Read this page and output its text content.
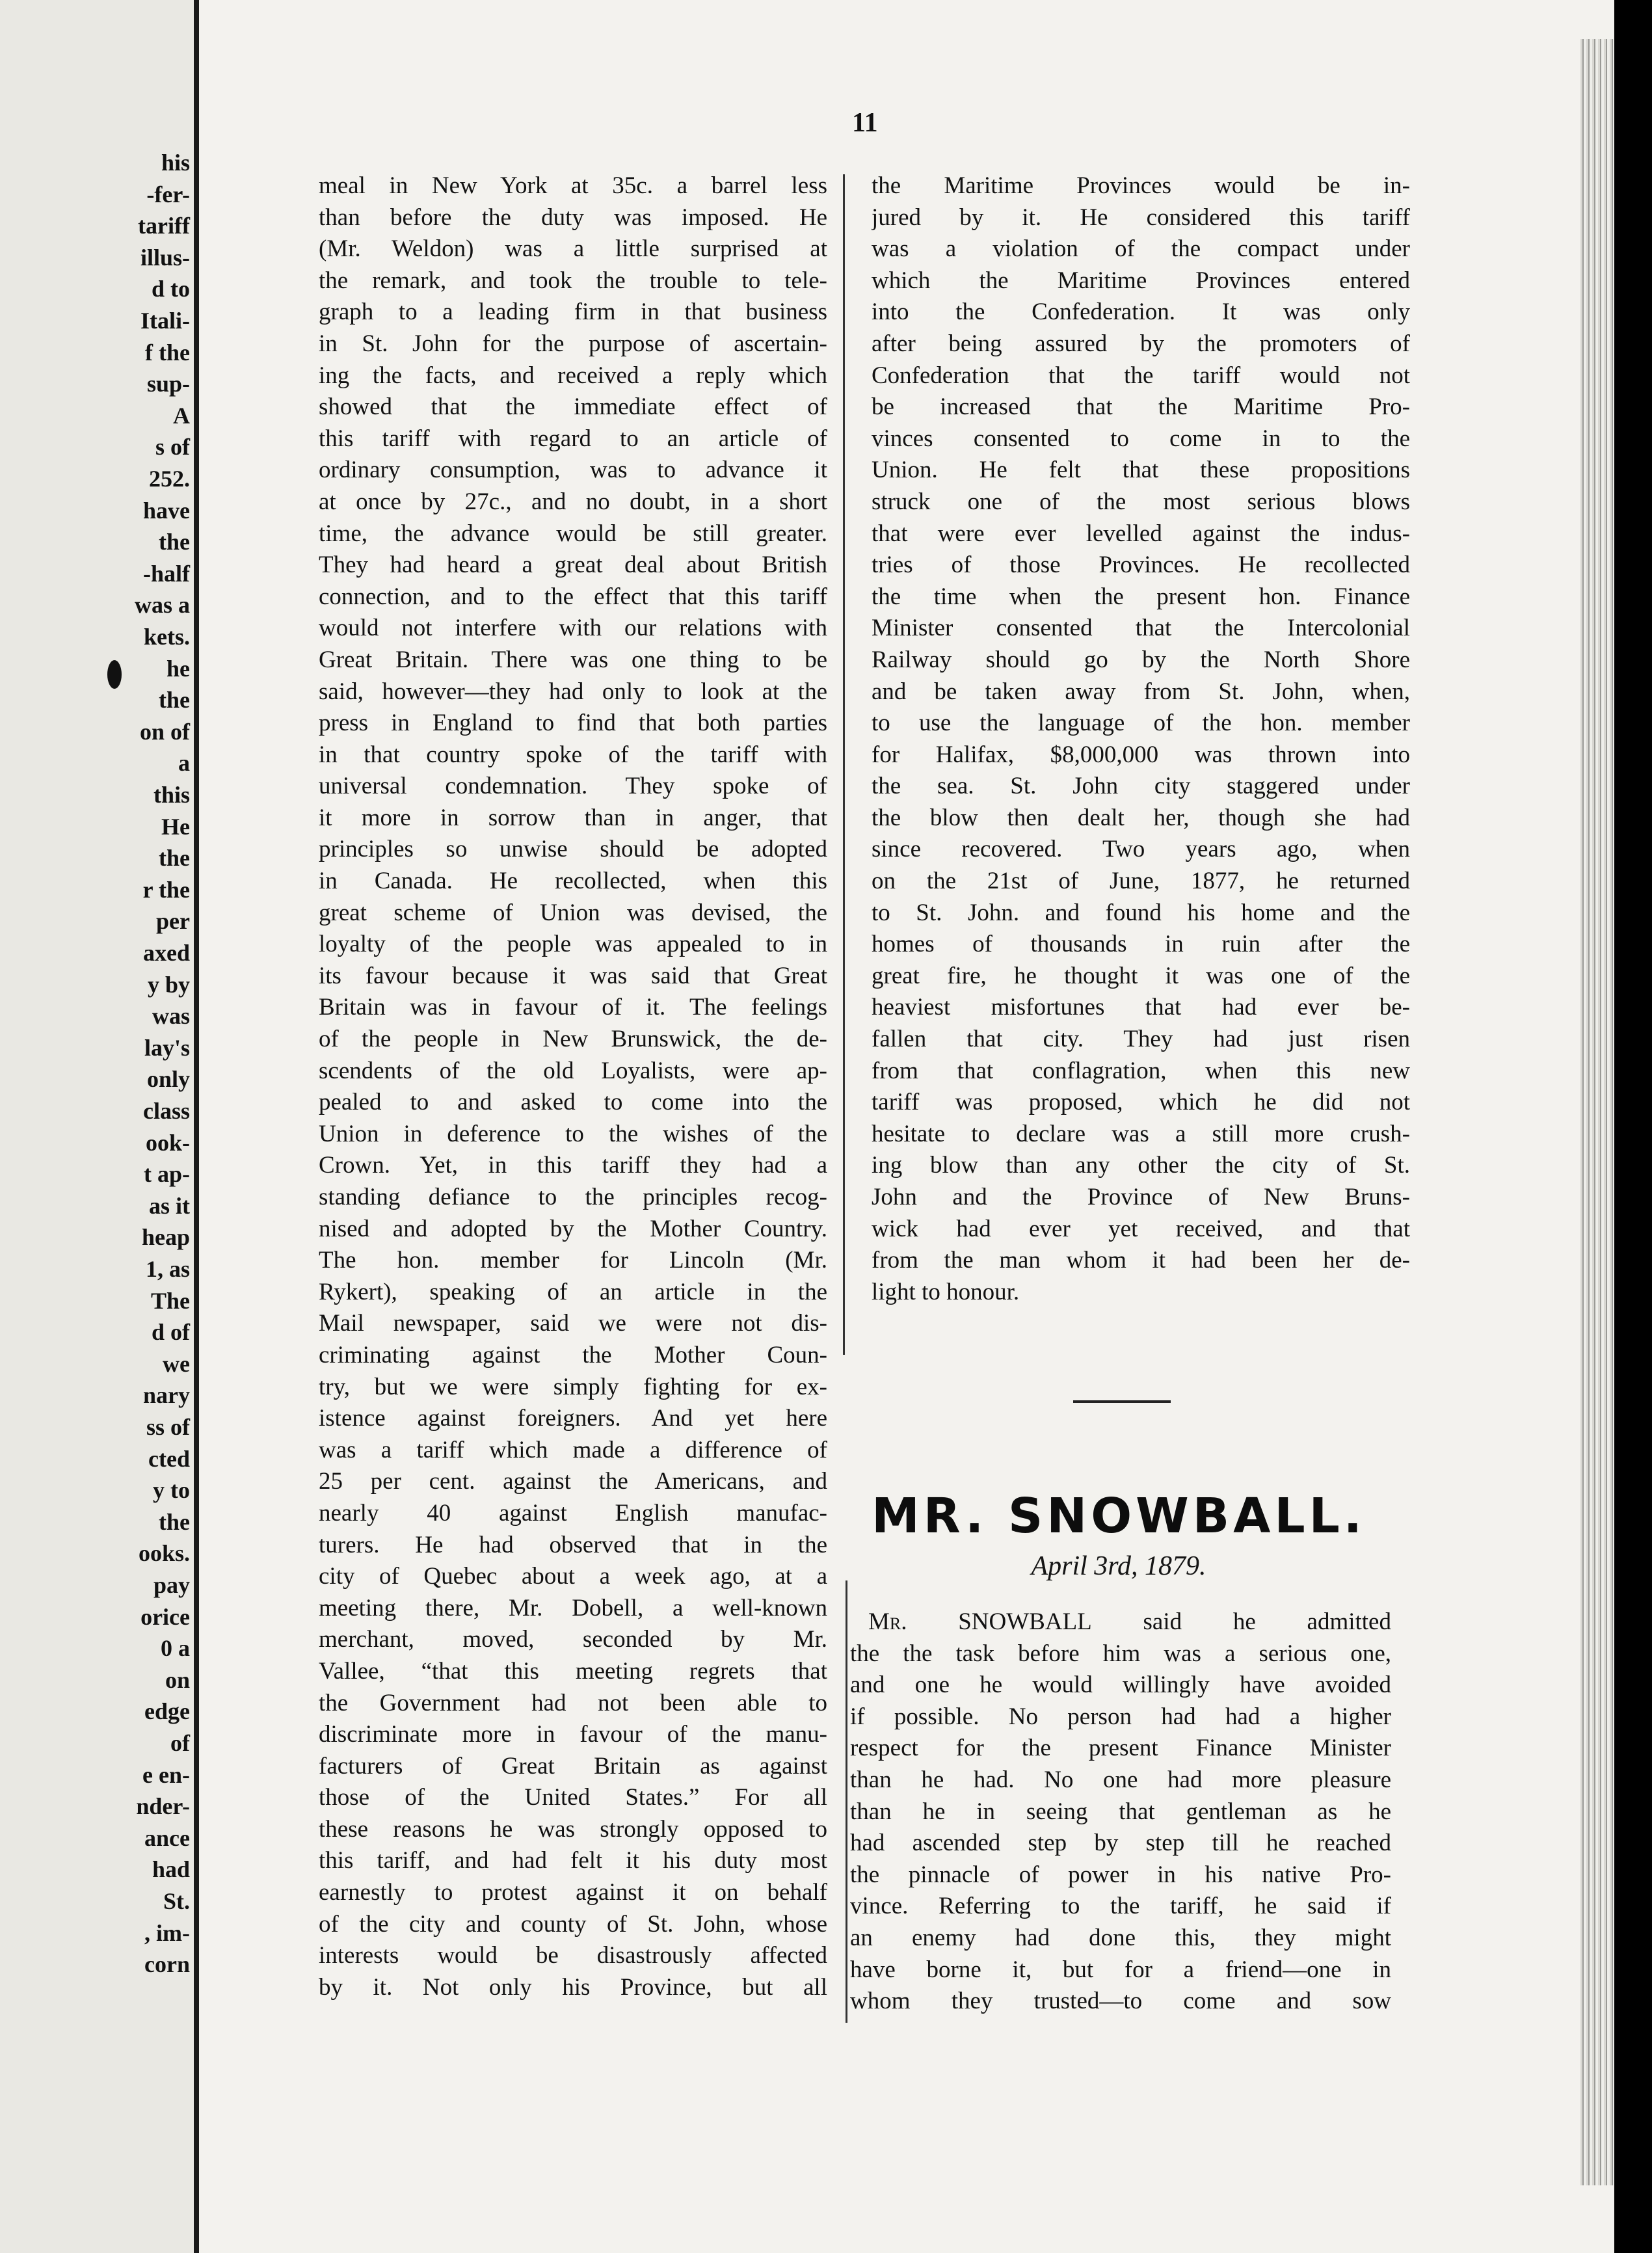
his
-fer-
tariff
illus-
d to
Itali-
f the
sup-
A
s of
252.
have
the
-half
was a
kets.
he
the
on of
a
this
He
the
r the
per
axed
y by
was
lay's
only
class
ook-
t ap-
as it
heap
1, as
The
d of
we
nary
ss of
cted
y to
the
ooks.
pay
orice
0 a
on
edge
of
e en-
nder-
ance
had
St.
, im-
corn
11
meal in New York at 35c. a barrel less
than before the duty was imposed. He
(Mr. Weldon) was a little surprised at
the remark, and took the trouble to tele-
graph to a leading firm in that business
in St. John for the purpose of ascertain-
ing the facts, and received a reply which
showed that the immediate effect of
this tariff with regard to an article of
ordinary consumption, was to advance it
at once by 27c., and no doubt, in a short
time, the advance would be still greater.
They had heard a great deal about British
connection, and to the effect that this tariff
would not interfere with our relations with
Great Britain. There was one thing to be
said, however—they had only to look at the
press in England to find that both parties
in that country spoke of the tariff with
universal condemnation. They spoke of
it more in sorrow than in anger, that
principles so unwise should be adopted
in Canada. He recollected, when this
great scheme of Union was devised, the
loyalty of the people was appealed to in
its favour because it was said that Great
Britain was in favour of it. The feelings
of the people in New Brunswick, the de-
scendents of the old Loyalists, were ap-
pealed to and asked to come into the
Union in deference to the wishes of the
Crown. Yet, in this tariff they had a
standing defiance to the principles recog-
nised and adopted by the Mother Country.
The hon. member for Lincoln (Mr.
Rykert), speaking of an article in the
Mail newspaper, said we were not dis-
criminating against the Mother Coun-
try, but we were simply fighting for ex-
istence against foreigners. And yet here
was a tariff which made a difference of
25 per cent. against the Americans, and
nearly 40 against English manufac-
turers. He had observed that in the
city of Quebec about a week ago, at a
meeting there, Mr. Dobell, a well-known
merchant, moved, seconded by Mr.
Vallee, “that this meeting regrets that
the Government had not been able to
discriminate more in favour of the manu-
facturers of Great Britain as against
those of the United States.” For all
these reasons he was strongly opposed to
this tariff, and had felt it his duty most
earnestly to protest against it on behalf
of the city and county of St. John, whose
interests would be disastrously affected
by it. Not only his Province, but all
the Maritime Provinces would be in-
jured by it. He considered this tariff
was a violation of the compact under
which the Maritime Provinces entered
into the Confederation. It was only
after being assured by the promoters of
Confederation that the tariff would not
be increased that the Maritime Pro-
vinces consented to come in to the
Union. He felt that these propositions
struck one of the most serious blows
that were ever levelled against the indus-
tries of those Provinces. He recollected
the time when the present hon. Finance
Minister consented that the Intercolonial
Railway should go by the North Shore
and be taken away from St. John, when,
to use the language of the hon. member
for Halifax, $8,000,000 was thrown into
the sea. St. John city staggered under
the blow then dealt her, though she had
since recovered. Two years ago, when
on the 21st of June, 1877, he returned
to St. John. and found his home and the
homes of thousands in ruin after the
great fire, he thought it was one of the
heaviest misfortunes that had ever be-
fallen that city. They had just risen
from that conflagration, when this new
tariff was proposed, which he did not
hesitate to declare was a still more crush-
ing blow than any other the city of St.
John and the Province of New Bruns-
wick had ever yet received, and that
from the man whom it had been her de-
light to honour.
MR. SNOWBALL.
April 3rd, 1879.
Mr. SNOWBALL said he admitted
the the task before him was a serious one,
and one he would willingly have avoided
if possible. No person had had a higher
respect for the present Finance Minister
than he had. No one had more pleasure
than he in seeing that gentleman as he
had ascended step by step till he reached
the pinnacle of power in his native Pro-
vince. Referring to the tariff, he said if
an enemy had done this, they might
have borne it, but for a friend—one in
whom they trusted—to come and sow
